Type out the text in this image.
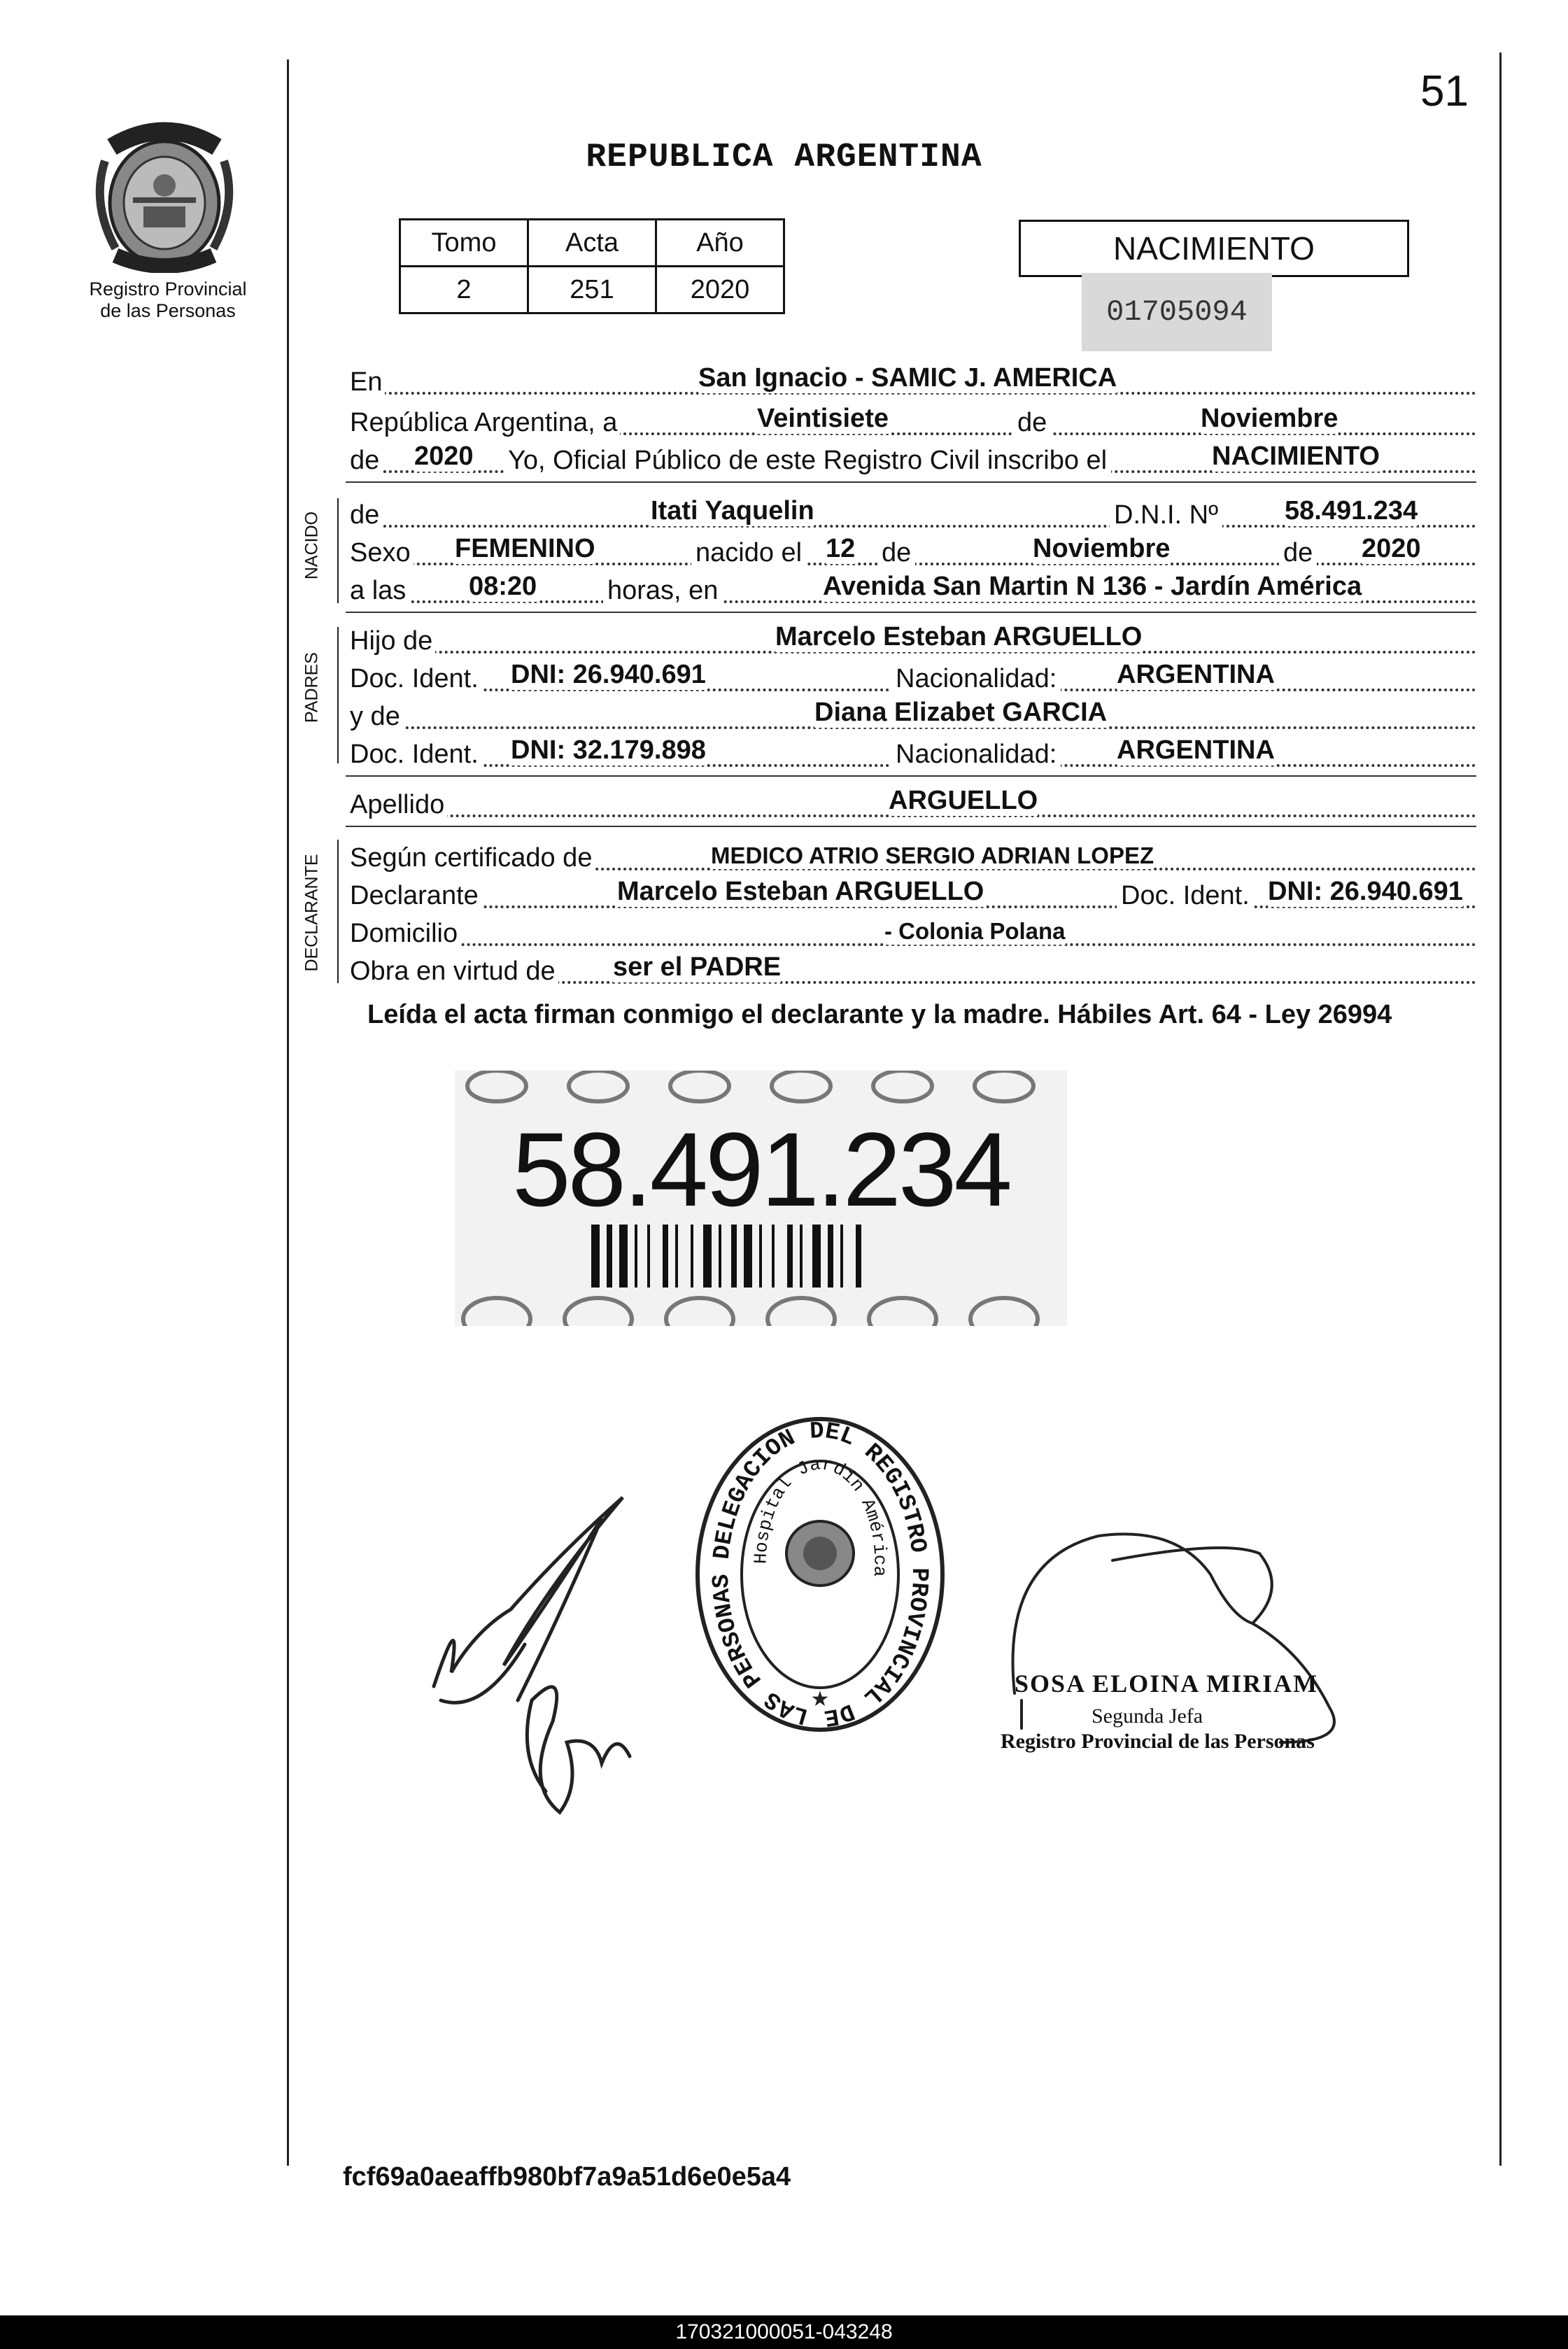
51
REPUBLICA ARGENTINA
Registro Provincial
de las Personas
Tomo	Acta	Año
2	251	2020
NACIMIENTO
01705094
En	San Ignacio - SAMIC J. AMERICA
República Argentina, a	Veintisiete	de	Noviembre
de 2020 Yo, Oficial Público de este Registro Civil inscribo el	NACIMIENTO
NACIDO de	Itati Yaquelin	D.N.I. Nº	58.491.234
Sexo FEMENINO	nacido el 12 de	Noviembre	de 2020
a las 08:20	horas, en	Avenida San Martin N 136 - Jardín América
PADRES
Hijo de	Marcelo Esteban ARGUELLO
Doc. Ident. DNI: 26.940.691	Nacionalidad: ARGENTINA
y de	Diana Elizabet GARCIA
Doc. Ident. DNI: 32.179.898	Nacionalidad: ARGENTINA
Apellido	ARGUELLO
DECLARANTE Según certificado de	MEDICO ATRIO SERGIO ADRIAN LOPEZ
Declarante	Marcelo Esteban ARGUELLO	Doc. Ident. DNI: 26.940.691
Domicilio	- Colonia Polana
Obra en virtud de ser el PADRE
Leída el acta firman conmigo el declarante y la madre. Hábiles Art. 64 - Ley 26994
58.491.234
DELEGACION DEL REGISTRO PROVINCIAL DE LAS PERSONAS
Hospital Jardín América
★
SOSA ELOINA MIRIAM
Segunda Jefa
Registro Provincial de las Personas
fcf69a0aeaffb980bf7a9a51d6e0e5a4
170321000051-043248
